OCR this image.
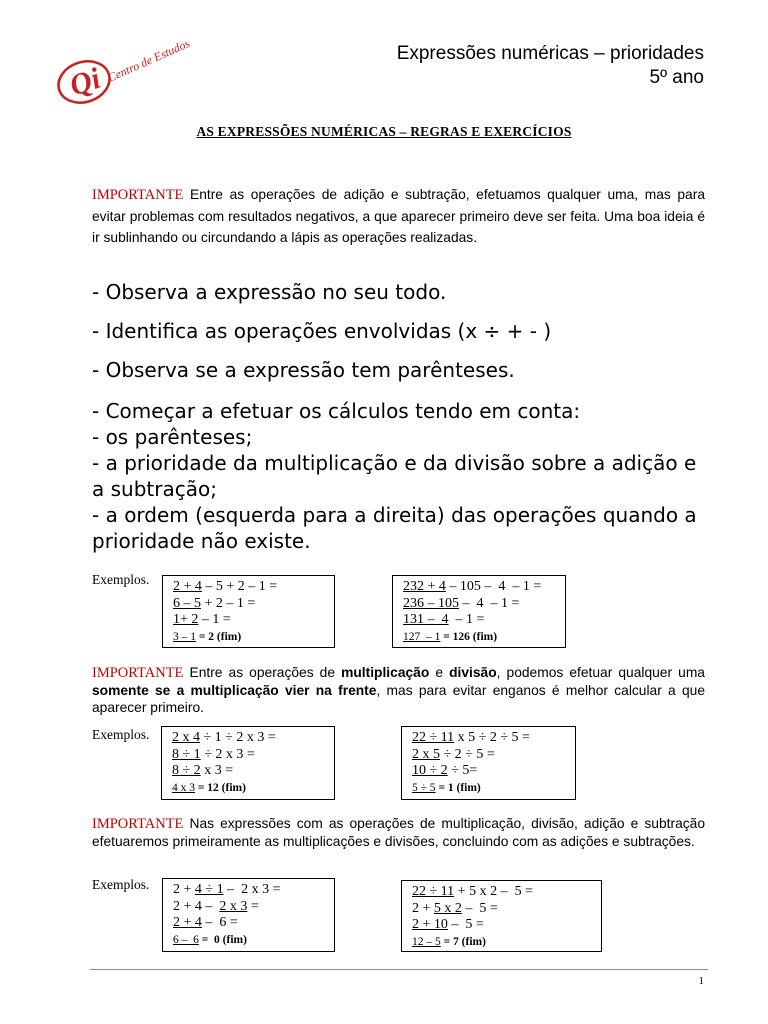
Qi Centro de Estudos	Expressões numéricas – prioridades
5º ano
AS EXPRESSÕES NUMÉRICAS – REGRAS E EXERCÍCIOS
IMPORTANTE Entre as operações de adição e subtração, efetuamos qualquer uma, mas para evitar problemas com resultados negativos, a que aparecer primeiro deve ser feita. Uma boa ideia é ir sublinhando ou circundando a lápis as operações realizadas.
- Observa a expressão no seu todo.
- Identifica as operações envolvidas (x ÷ + - )
- Observa se a expressão tem parênteses.
- Começar a efetuar os cálculos tendo em conta:
- os parênteses;
- a prioridade da multiplicação e da divisão sobre a adição e a subtração;
- a ordem (esquerda para a direita) das operações quando a prioridade não existe.
Exemplos. 2 + 4 – 5 + 2 – 1 =
6 – 5 + 2 – 1 =
1+ 2 – 1 =
3 – 1 = 2 (fim)
232 + 4 – 105 –  4  – 1 =
236 – 105 –  4  – 1 =
131 –  4  – 1 =
127  – 1 = 126 (fim)
IMPORTANTE Entre as operações de multiplicação e divisão, podemos efetuar qualquer uma somente se a multiplicação vier na frente, mas para evitar enganos é melhor calcular a que aparecer primeiro.
Exemplos. 2 x 4 ÷ 1 ÷ 2 x 3 =
8 ÷ 1 ÷ 2 x 3 =
8 ÷ 2 x 3 =
4 x 3 = 12 (fim)
22 ÷ 11 x 5 ÷ 2 ÷ 5 =
2 x 5 ÷ 2 ÷ 5 =
10 ÷ 2 ÷ 5=
5 ÷ 5 = 1 (fim)
IMPORTANTE Nas expressões com as operações de multiplicação, divisão, adição e subtração efetuaremos primeiramente as multiplicações e divisões, concluindo com as adições e subtrações.
Exemplos. 2 + 4 ÷ 1 –  2 x 3 =
2 + 4 –  2 x 3 =
2 + 4 –  6 =
6 –  6 =  0 (fim)
22 ÷ 11 + 5 x 2 –  5 =
2 + 5 x 2 –  5 =
2 + 10 –  5 =
12 – 5 = 7 (fim)
1
